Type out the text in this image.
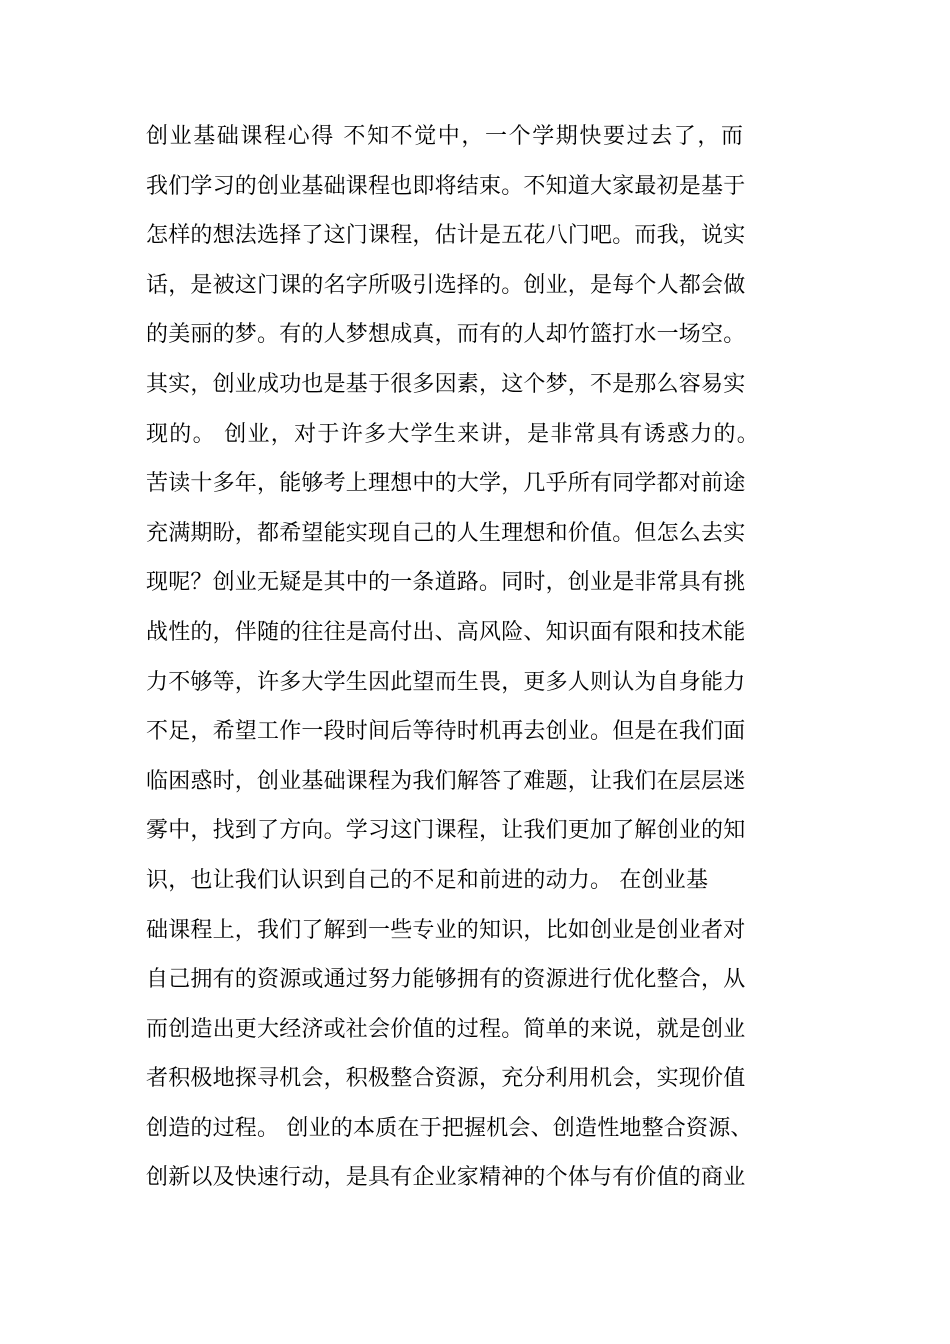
创业基础课程心得 不知不觉中，一个学期快要过去了，而
我们学习的创业基础课程也即将结束。不知道大家最初是基于
怎样的想法选择了这门课程，估计是五花八门吧。而我，说实
话，是被这门课的名字所吸引选择的。创业，是每个人都会做
的美丽的梦。有的人梦想成真，而有的人却竹篮打水一场空。
其实，创业成功也是基于很多因素，这个梦，不是那么容易实
现的。 创业，对于许多大学生来讲，是非常具有诱惑力的。
苦读十多年，能够考上理想中的大学，几乎所有同学都对前途
充满期盼，都希望能实现自己的人生理想和价值。但怎么去实
现呢？创业无疑是其中的一条道路。同时，创业是非常具有挑
战性的，伴随的往往是高付出、高风险、知识面有限和技术能
力不够等，许多大学生因此望而生畏，更多人则认为自身能力
不足，希望工作一段时间后等待时机再去创业。但是在我们面
临困惑时，创业基础课程为我们解答了难题，让我们在层层迷
雾中，找到了方向。学习这门课程，让我们更加了解创业的知
识，也让我们认识到自己的不足和前进的动力。 在创业基
础课程上，我们了解到一些专业的知识，比如创业是创业者对
自己拥有的资源或通过努力能够拥有的资源进行优化整合，从
而创造出更大经济或社会价值的过程。简单的来说，就是创业
者积极地探寻机会，积极整合资源，充分利用机会，实现价值
创造的过程。 创业的本质在于把握机会、创造性地整合资源、
创新以及快速行动，是具有企业家精神的个体与有价值的商业
